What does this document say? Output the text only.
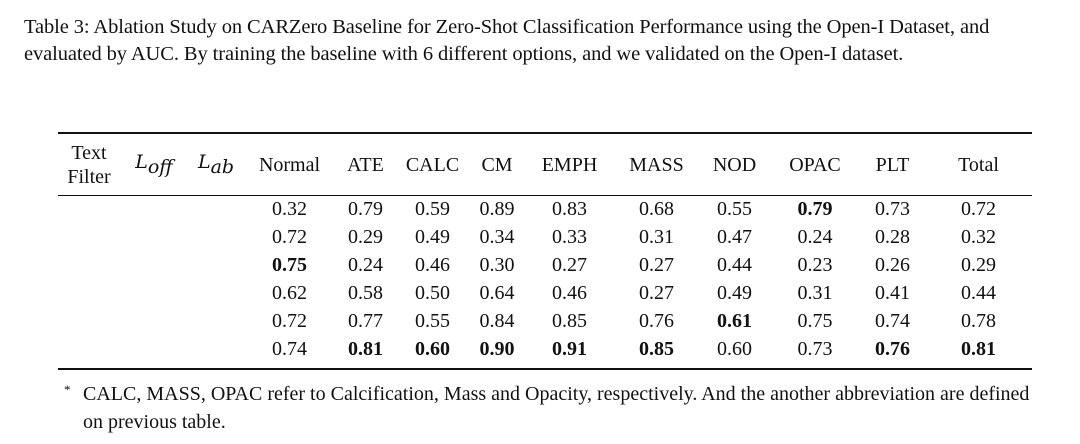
Table 3: Ablation Study on CARZero Baseline for Zero-Shot Classification Performance using the Open-I Dataset, and evaluated by AUC. By training the baseline with 6 different options, and we validated on the Open-I dataset.
Text
Filter	$L_{off}$	$L_{ab}$	Normal	ATE	CALC	CM	EMPH	MASS	NOD	OPAC	PLT	Total
			0.32	0.79	0.59	0.89	0.83	0.68	0.55	0.79	0.73	0.72
			0.72	0.29	0.49	0.34	0.33	0.31	0.47	0.24	0.28	0.32
			0.75	0.24	0.46	0.30	0.27	0.27	0.44	0.23	0.26	0.29
			0.62	0.58	0.50	0.64	0.46	0.27	0.49	0.31	0.41	0.44
			0.72	0.77	0.55	0.84	0.85	0.76	0.61	0.75	0.74	0.78
			0.74	0.81	0.60	0.90	0.91	0.85	0.60	0.73	0.76	0.81
* CALC, MASS, OPAC refer to Calcification, Mass and Opacity, respectively. And the another abbreviation are defined on previous table.
